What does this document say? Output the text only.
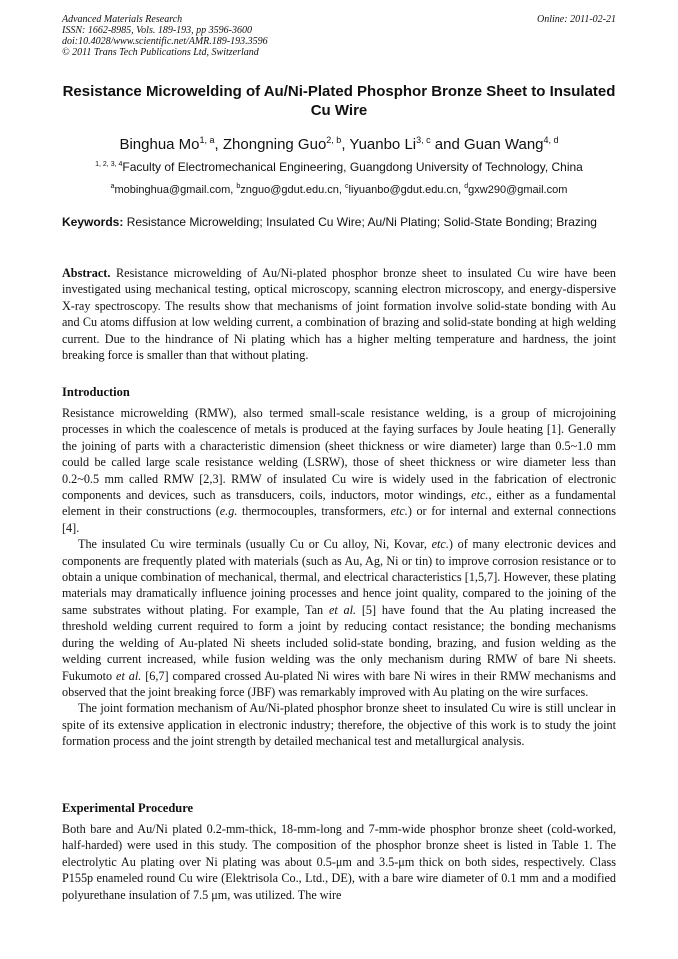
Advanced Materials Research
ISSN: 1662-8985, Vols. 189-193, pp 3596-3600
doi:10.4028/www.scientific.net/AMR.189-193.3596
© 2011 Trans Tech Publications Ltd, Switzerland
Online: 2011-02-21
Resistance Microwelding of Au/Ni-Plated Phosphor Bronze Sheet to Insulated Cu Wire
Binghua Mo$^{1, a}$, Zhongning Guo$^{2, b}$, Yuanbo Li$^{3, c}$ and Guan Wang$^{4, d}$
$^{1, 2, 3, 4}$Faculty of Electromechanical Engineering, Guangdong University of Technology, China
$^a$mobinghua@gmail.com, $^b$znguo@gdut.edu.cn, $^c$liyuanbo@gdut.edu.cn, $^d$gxw290@gmail.com
Keywords: Resistance Microwelding; Insulated Cu Wire; Au/Ni Plating; Solid-State Bonding; Brazing

Abstract. Resistance microwelding of Au/Ni-plated phosphor bronze sheet to insulated Cu wire have been investigated using mechanical testing, optical microscopy, scanning electron microscopy, and energy-dispersive X-ray spectroscopy. The results show that mechanisms of joint formation involve solid-state bonding with Au and Cu atoms diffusion at low welding current, a combination of brazing and solid-state bonding at high welding current. Due to the hindrance of Ni plating which has a higher melting temperature and hardness, the joint breaking force is smaller than that without plating.

Introduction

Resistance microwelding (RMW), also termed small-scale resistance welding, is a group of microjoining processes in which the coalescence of metals is produced at the faying surfaces by Joule heating [1]. Generally the joining of parts with a characteristic dimension (sheet thickness or wire diameter) large than 0.5~1.0 mm could be called large scale resistance welding (LSRW), those of sheet thickness or wire diameter less than 0.2~0.5 mm called RMW [2,3]. RMW of insulated Cu wire is widely used in the fabrication of electronic components and devices, such as transducers, coils, inductors, motor windings, etc., either as a fundamental element in their constructions (e.g. thermocouples, transformers, etc.) or for internal and external connections [4].

The insulated Cu wire terminals (usually Cu or Cu alloy, Ni, Kovar, etc.) of many electronic devices and components are frequently plated with materials (such as Au, Ag, Ni or tin) to improve corrosion resistance or to obtain a unique combination of mechanical, thermal, and electrical characteristics [1,5,7]. However, these plating materials may dramatically influence joining processes and hence joint quality, compared to the joining of the same substrates without plating. For example, Tan et al. [5] have found that the Au plating increased the threshold welding current required to form a joint by reducing contact resistance; the bonding mechanisms during the welding of Au-plated Ni sheets included solid-state bonding, brazing, and fusion welding as the welding current increased, while fusion welding was the only mechanism during RMW of bare Ni sheets. Fukumoto et al. [6,7] compared crossed Au-plated Ni wires with bare Ni wires in their RMW mechanisms and observed that the joint breaking force (JBF) was remarkably improved with Au plating on the wire surfaces.

The joint formation mechanism of Au/Ni-plated phosphor bronze sheet to insulated Cu wire is still unclear in spite of its extensive application in electronic industry; therefore, the objective of this work is to study the joint formation process and the joint strength by detailed mechanical test and metallurgical analysis.

Experimental Procedure

Both bare and Au/Ni plated 0.2-mm-thick, 18-mm-long and 7-mm-wide phosphor bronze sheet (cold-worked, half-harded) were used in this study. The composition of the phosphor bronze sheet is listed in Table 1. The electrolytic Au plating over Ni plating was about 0.5-μm and 3.5-μm thick on both sides, respectively. Class P155p enameled round Cu wire (Elektrisola Co., Ltd., DE), with a bare wire diameter of 0.1 mm and a modified polyurethane insulation of 7.5 μm, was utilized. The wire
